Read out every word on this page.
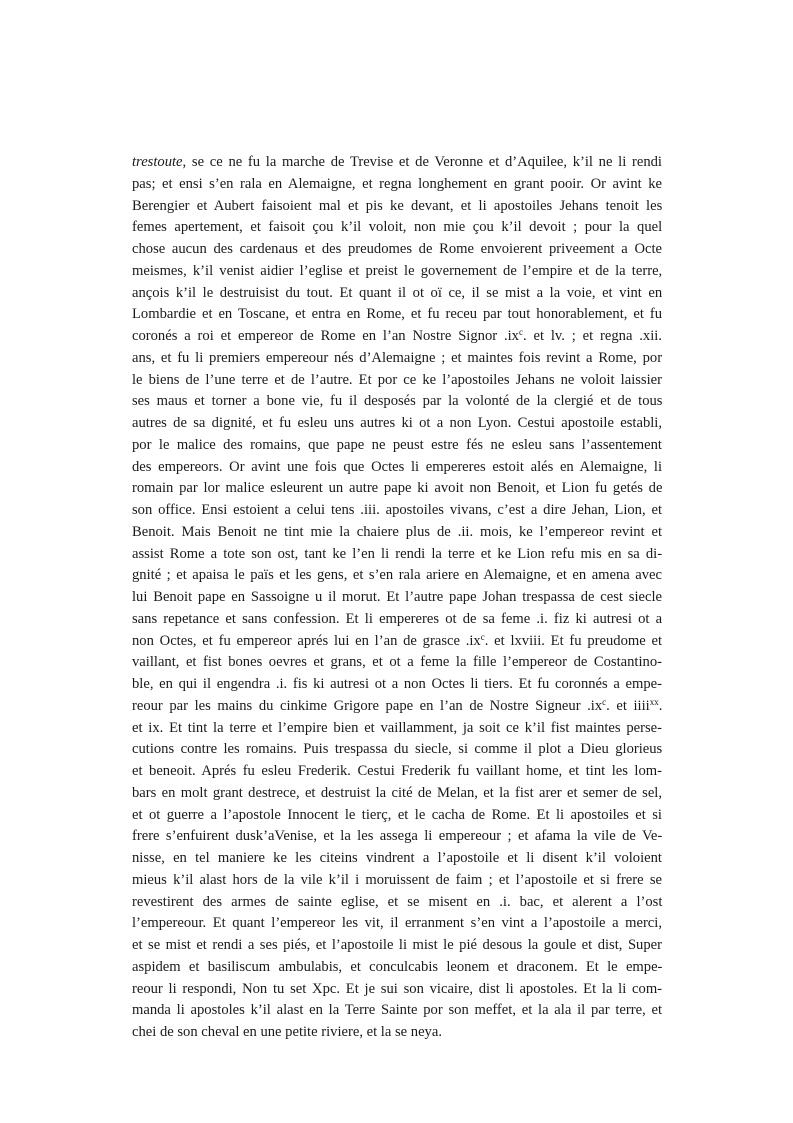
trestoute, se ce ne fu la marche de Trevise et de Veronne et d’Aquilee, k’il ne li rendi
pas; et ensi s’en rala en Alemaigne, et regna longhement en grant pooir. Or avint ke
Berengier et Aubert faisoient mal et pis ke devant, et li apostoiles Jehans tenoit les
femes apertement, et faisoit çou k’il voloit, non mie çou k’il devoit ; pour la quel
chose aucun des cardenaus et des preudomes de Rome envoierent priveement a Octe
meismes, k’il venist aidier l’eglise et preist le governement de l’empire et de la terre,
ançois k’il le destruisist du tout. Et quant il ot oï ce, il se mist a la voie, et vint en
Lombardie et en Toscane, et entra en Rome, et fu receu par tout honorablement, et fu
coronés a roi et empereor de Rome en l’an Nostre Signor $.ix^c$. et lv. ; et regna .xii.
ans, et fu li premiers empereour nés d’Alemaigne ; et maintes fois revint a Rome, por
le biens de l’une terre et de l’autre. Et por ce ke l’apostoiles Jehans ne voloit laissier
ses maus et torner a bone vie, fu il desposés par la volonté de la clergié et de tous
autres de sa dignité, et fu esleu uns autres ki ot a non Lyon. Cestui apostoile establi,
por le malice des romains, que pape ne peust estre fés ne esleu sans l’assentement
des empereors. Or avint une fois que Octes li empereres estoit alés en Alemaigne, li
romain par lor malice esleurent un autre pape ki avoit non Benoit, et Lion fu getés de
son office. Ensi estoient a celui tens .iii. apostoiles vivans, c’est a dire Jehan, Lion, et
Benoit. Mais Benoit ne tint mie la chaiere plus de .ii. mois, ke l’empereor revint et
assist Rome a tote son ost, tant ke l’en li rendi la terre et ke Lion refu mis en sa di-
gnité ; et apaisa le païs et les gens, et s’en rala ariere en Alemaigne, et en amena avec
lui Benoit pape en Sassoigne u il morut. Et l’autre pape Johan trespassa de cest siecle
sans repetance et sans confession. Et li empereres ot de sa feme .i. fiz ki autresi ot a
non Octes, et fu empereor aprés lui en l’an de grasce $.ix^c$. et lxviii. Et fu preudome et
vaillant, et fist bones oevres et grans, et ot a feme la fille l’empereor de Costantino-
ble, en qui il engendra .i. fis ki autresi ot a non Octes li tiers. Et fu coronnés a empe-
reour par les mains du cinkime Grigore pape en l’an de Nostre Signeur $.ix^c$. et iiii$^{xx}$.
et ix. Et tint la terre et l’empire bien et vaillamment, ja soit ce k’il fist maintes perse-
cutions contre les romains. Puis trespassa du siecle, si comme il plot a Dieu glorieus
et beneoit. Aprés fu esleu Frederik. Cestui Frederik fu vaillant home, et tint les lom-
bars en molt grant destrece, et destruist la cité de Melan, et la fist arer et semer de sel,
et ot guerre a l’apostole Innocent le tierç, et le cacha de Rome. Et li apostoiles et si
frere s’enfuirent dusk’aVenise, et la les assega li empereour ; et afama la vile de Ve-
nisse, en tel maniere ke les citeins vindrent a l’apostoile et li disent k’il voloient
mieus k’il alast hors de la vile k’il i moruissent de faim ; et l’apostoile et si frere se
revestirent des armes de sainte eglise, et se misent en .i. bac, et alerent a l’ost
l’empereour. Et quant l’empereor les vit, il erranment s’en vint a l’apostoile a merci,
et se mist et rendi a ses piés, et l’apostoile li mist le pié desous la goule et dist, Super
aspidem et basiliscum ambulabis, et conculcabis leonem et draconem. Et le empe-
reour li respondi, Non tu set Xpc. Et je sui son vicaire, dist li apostoles. Et la li com-
manda li apostoles k’il alast en la Terre Sainte por son meffet, et la ala il par terre, et
chei de son cheval en une petite riviere, et la se neya.
